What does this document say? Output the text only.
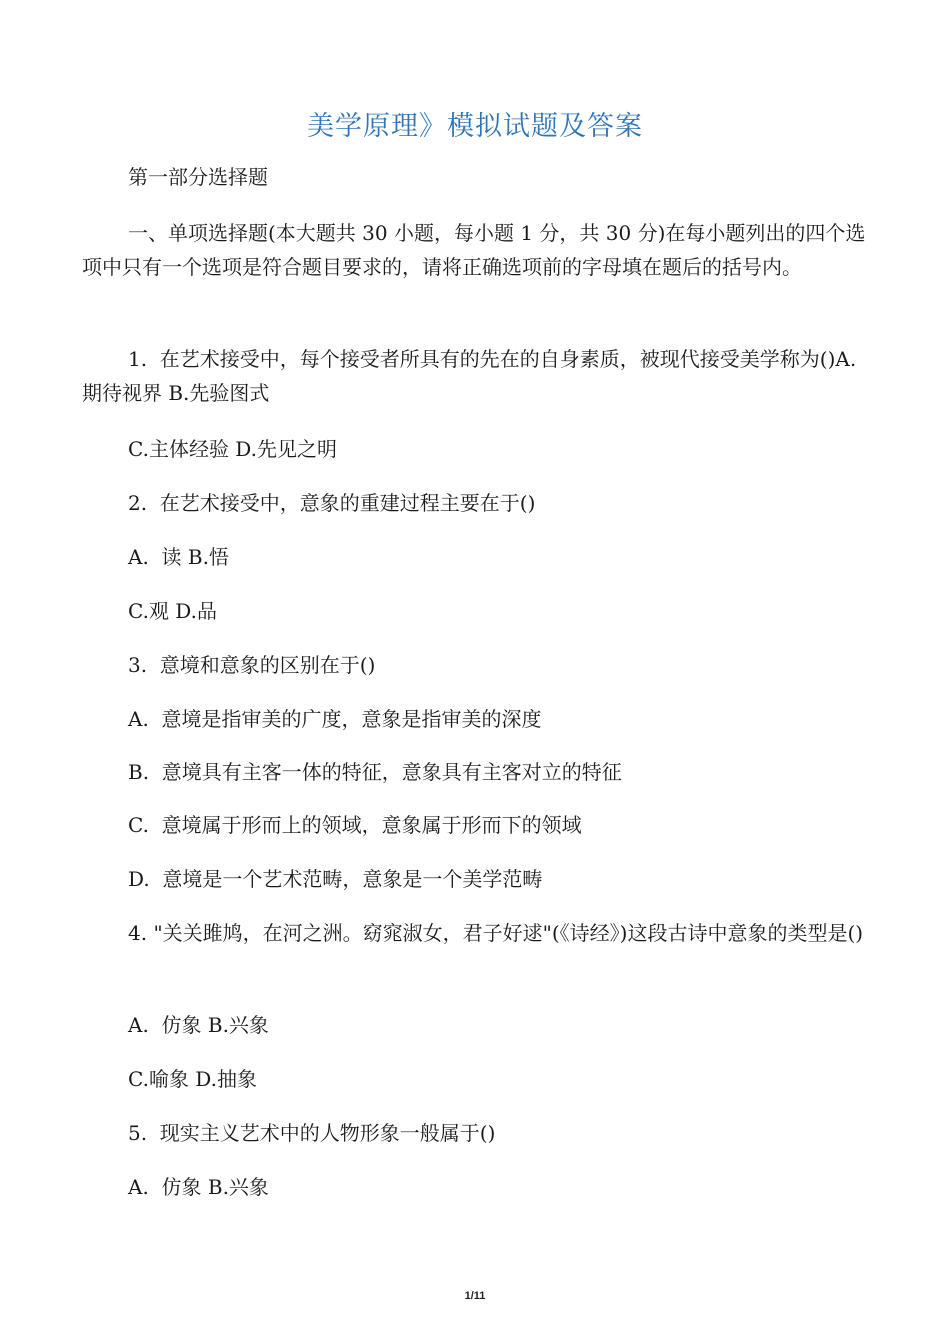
美学原理》模拟试题及答案
第一部分选择题
一、单项选择题(本大题共 30 小题，每小题 1 分，共 30 分)在每小题列出的四个选项中只有一个选项是符合题目要求的，请将正确选项前的字母填在题后的括号内。
1.  在艺术接受中，每个接受者所具有的先在的自身素质，被现代接受美学称为()A.期待视界 B.先验图式
C.主体经验 D.先见之明
2.  在艺术接受中，意象的重建过程主要在于()
A.  读 B.悟
C.观 D.品
3.  意境和意象的区别在于()
A.  意境是指审美的广度，意象是指审美的深度
B.  意境具有主客一体的特征，意象具有主客对立的特征
C.  意境属于形而上的领域，意象属于形而下的领域
D.  意境是一个艺术范畴，意象是一个美学范畴
4. "关关雎鸠，在河之洲。窈窕淑女，君子好逑"(《诗经》)这段古诗中意象的类型是()
A.  仿象 B.兴象
C.喻象 D.抽象
5.  现实主义艺术中的人物形象一般属于()
A.  仿象 B.兴象
1/11
